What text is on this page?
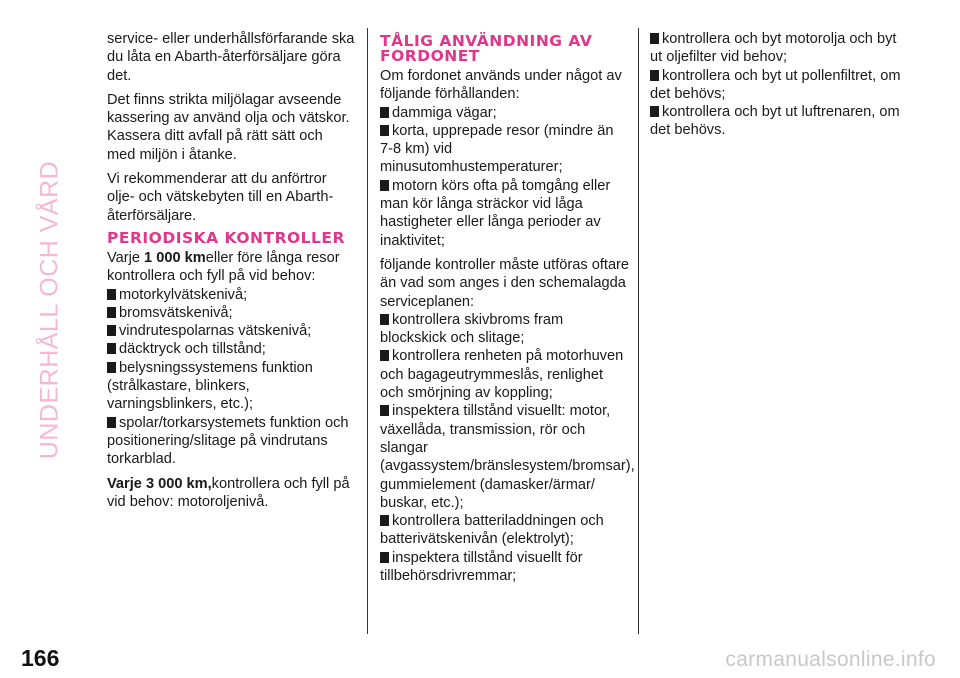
UNDERHÅLL OCH VÅRD

service- eller underhållsförfarande ska du låta en Abarth-återförsäljare göra det.

Det finns strikta miljölagar avseende kassering av använd olja och vätskor. Kassera ditt avfall på rätt sätt och med miljön i åtanke.

Vi rekommenderar att du anförtror olje- och vätskebyten till en Abarth-återförsäljare.

PERIODISKA KONTROLLER

Varje 1 000 kmeller före långa resor kontrollera och fyll på vid behov:

motorkylvätskenivå;
bromsvätskenivå;
vindrutespolarnas vätskenivå;
däcktryck och tillstånd;
belysningssystemens funktion (strålkastare, blinkers, varningsblinkers, etc.);
spolar/torkarsystemets funktion och positionering/slitage på vindrutans torkarblad.

Varje 3 000 km,kontrollera och fyll på vid behov: motoroljenivå.

TÅLIG ANVÄNDNING AV FORDONET

Om fordonet används under något av följande förhållanden:

dammiga vägar;
korta, upprepade resor (mindre än 7-8 km) vid minusutomhustemperaturer;
motorn körs ofta på tomgång eller man kör långa sträckor vid låga hastigheter eller långa perioder av inaktivitet;

följande kontroller måste utföras oftare än vad som anges i den schemalagda serviceplanen:

kontrollera skivbroms fram blockskick och slitage;
kontrollera renheten på motorhuven och bagageutrymmeslås, renlighet och smörjning av koppling;
inspektera tillstånd visuellt: motor, växellåda, transmission, rör och slangar (avgassystem/bränslesystem/bromsar), gummielement (damasker/ärmar/ buskar, etc.);
kontrollera batteriladdningen och batterivätskenivån (elektrolyt);
inspektera tillstånd visuellt för tillbehörsdrivremmar;
kontrollera och byt motorolja och byt ut oljefilter vid behov;
kontrollera och byt ut pollenfiltret, om det behövs;
kontrollera och byt ut luftrenaren, om det behövs.
166	carmanualsonline.info
